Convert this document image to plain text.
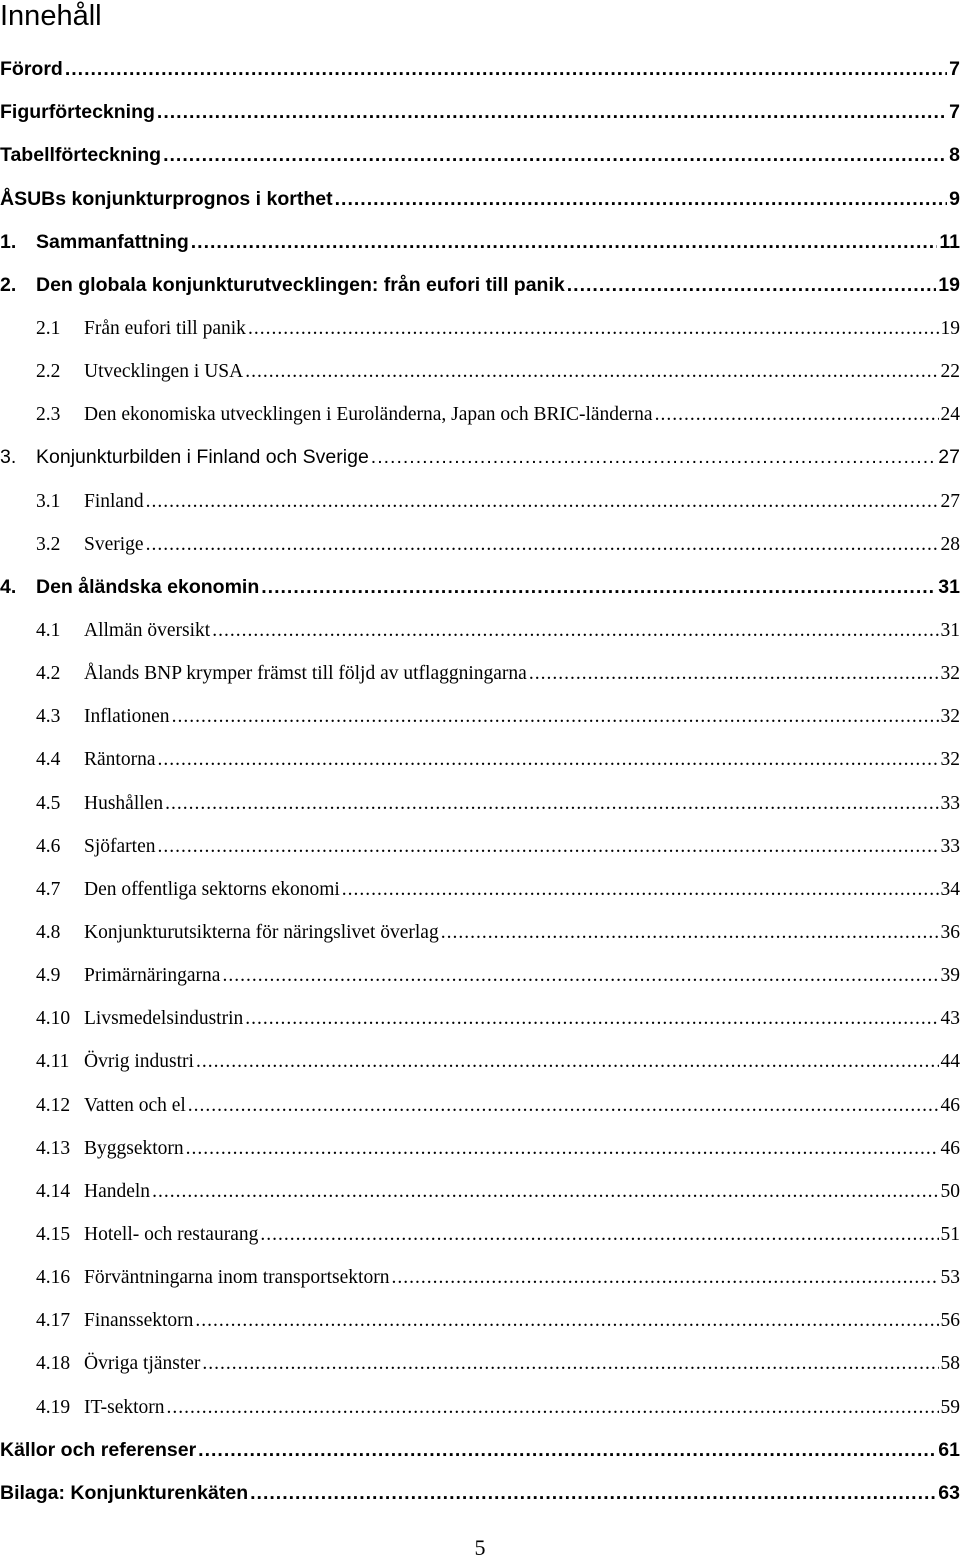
Innehåll
Förord .....	7
Figurförteckning .....	7
Tabellförteckning .....	8
ÅSUBs konjunkturprognos i korthet .....	9
1.	Sammanfattning .....	11
2.	Den globala konjunkturutvecklingen: från eufori till panik .....	19
2.1	Från eufori till panik .....	19
2.2	Utvecklingen i USA .....	22
2.3	Den ekonomiska utvecklingen i Euroländerna, Japan och BRIC-länderna .....	24
3.	Konjunkturbilden i Finland och Sverige .....	27
3.1	Finland .....	27
3.2	Sverige .....	28
4.	Den åländska ekonomin .....	31
4.1	Allmän översikt .....	31
4.2	Ålands BNP krymper främst till följd av utflaggningarna .....	32
4.3	Inflationen .....	32
4.4	Räntorna .....	32
4.5	Hushållen .....	33
4.6	Sjöfarten .....	33
4.7	Den offentliga sektorns ekonomi .....	34
4.8	Konjunkturutsikterna för näringslivet överlag .....	36
4.9	Primärnäringarna .....	39
4.10 Livsmedelsindustrin .....	43
4.11 Övrig industri .....	44
4.12 Vatten och el .....	46
4.13 Byggsektorn .....	46
4.14 Handeln .....	50
4.15 Hotell- och restaurang .....	51
4.16 Förväntningarna inom transportsektorn .....	53
4.17 Finanssektorn .....	56
4.18 Övriga tjänster .....	58
4.19 IT-sektorn .....	59
Källor och referenser .....	61
Bilaga: Konjunkturenkäten .....	63
5
